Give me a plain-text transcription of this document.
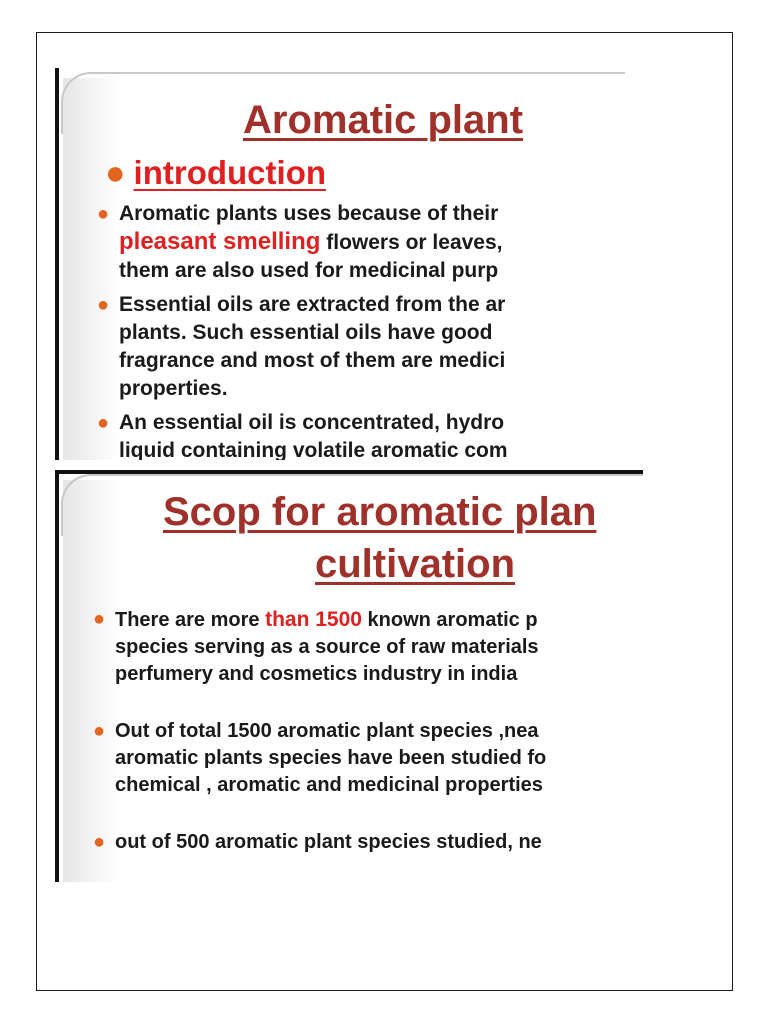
Aromatic plant
● introduction
● Aromatic plants uses because of their
pleasant smelling flowers or leaves,
them are also used for medicinal purp
● Essential oils are extracted from the ar
plants. Such essential oils have good
fragrance and most of them are medici
properties.
● An essential oil is concentrated, hydro
liquid containing volatile aromatic com
Scop for aromatic plan
cultivation
● There are more than 1500 known aromatic p
species serving as a source of raw materials
perfumery and cosmetics industry in india
● Out of total 1500 aromatic plant species ,nea
aromatic plants species have been studied fo
chemical , aromatic and medicinal properties
● out of 500 aromatic plant species studied, ne
